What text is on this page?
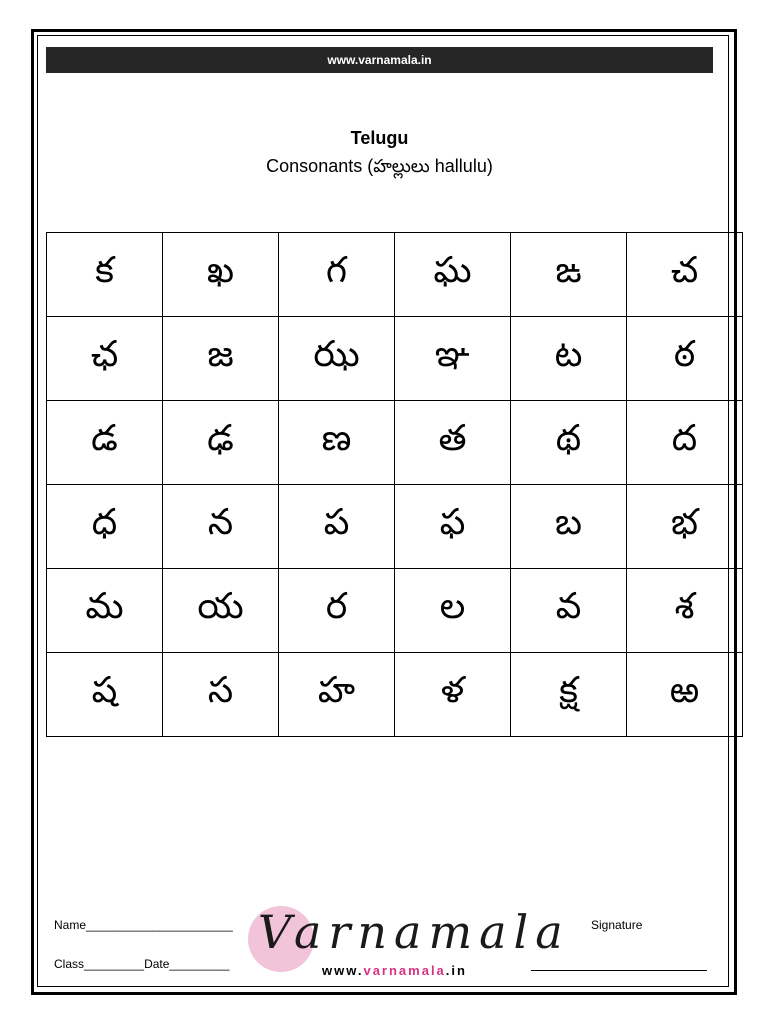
www.varnamala.in
Telugu
Consonants (హల్లులు hallulu)
క	ఖ	గ	ఘ	ఙ	చ
ఛ	జ	ఝ	ఞ	ట	ఠ
డ	ఢ	ణ	త	థ	ద
ధ	న	ప	ఫ	బ	భ
మ	య	ర	ల	వ	శ
ష	స	హ	ళ	క్ష	ఱ
Name______________________
Class_________Date_________
Signature
Varnamala
www.varnamala.in
